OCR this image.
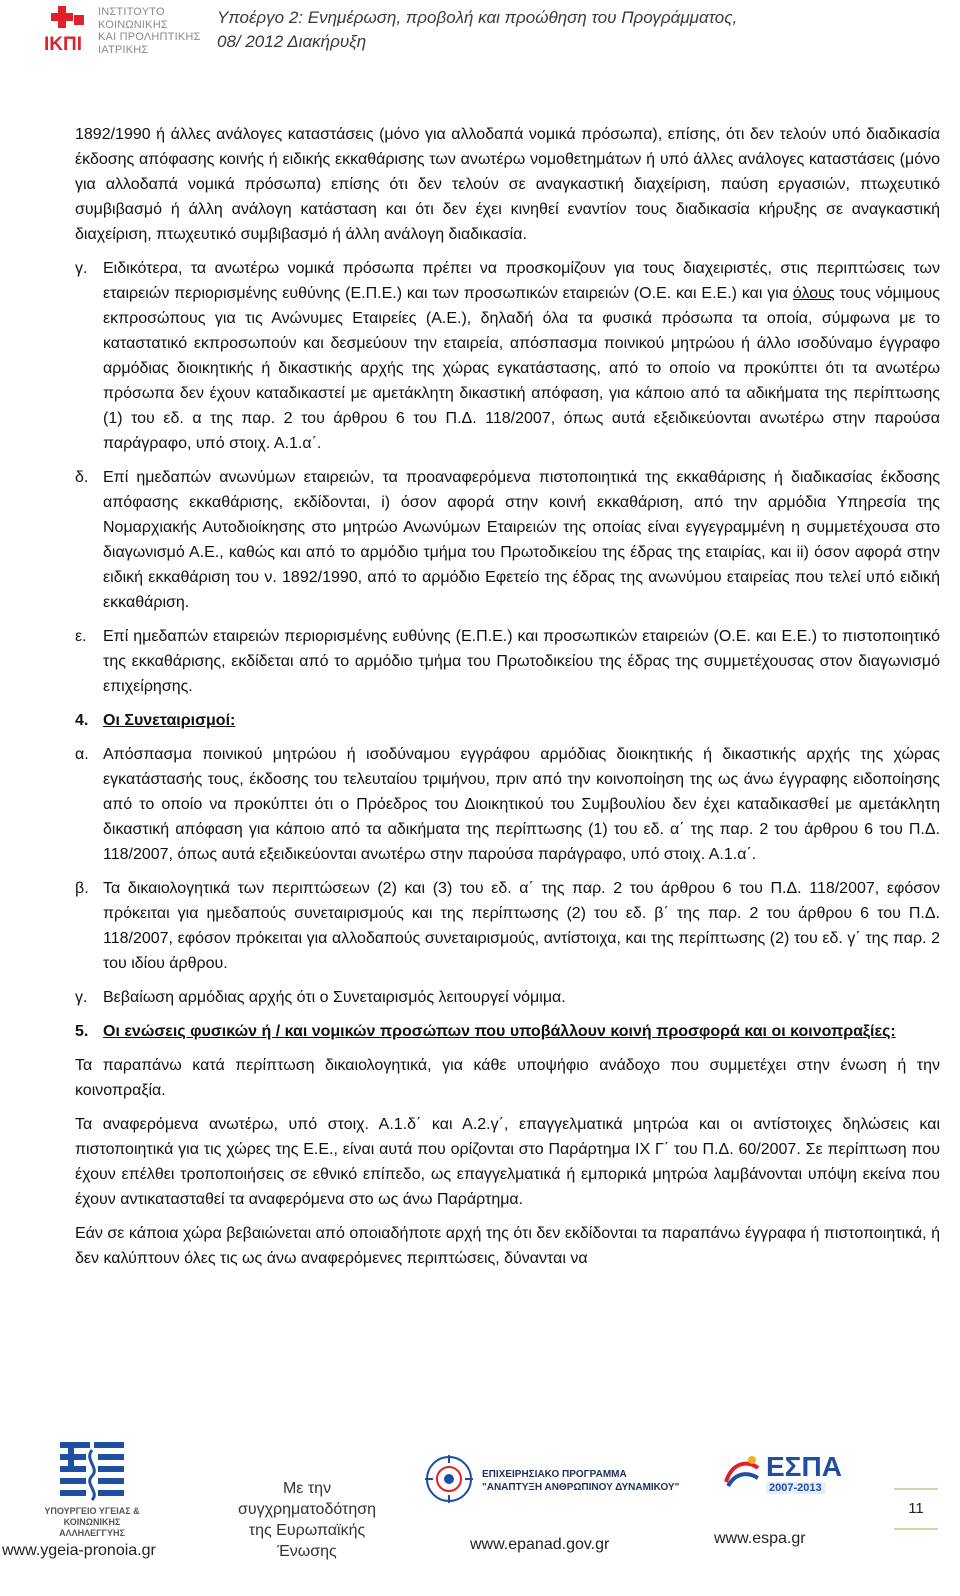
ΙΚΠΙ
ΙΝΣΤΙΤΟΥΤΟ
ΚΟΙΝΩΝΙΚΗΣ
ΚΑΙ ΠΡΟΛΗΠΤΙΚΗΣ
ΙΑΤΡΙΚΗΣ
Υποέργο 2: Ενημέρωση, προβολή και προώθηση του Προγράμματος,
08/ 2012 Διακήρυξη

1892/1990 ή άλλες ανάλογες καταστάσεις (μόνο για αλλοδαπά νομικά πρόσωπα), επίσης, ότι δεν τελούν υπό διαδικασία έκδοσης απόφασης κοινής ή ειδικής εκκαθάρισης των ανωτέρω νομοθετημάτων ή υπό άλλες ανάλογες καταστάσεις (μόνο για αλλοδαπά νομικά πρόσωπα) επίσης ότι δεν τελούν σε αναγκαστική διαχείριση, παύση εργασιών, πτωχευτικό συμβιβασμό ή άλλη ανάλογη κατάσταση και ότι δεν έχει κινηθεί εναντίον τους διαδικασία κήρυξης σε αναγκαστική διαχείριση, πτωχευτικό συμβιβασμό ή άλλη ανάλογη διαδικασία.

γ. Ειδικότερα, τα ανωτέρω νομικά πρόσωπα πρέπει να προσκομίζουν για τους διαχειριστές, στις περιπτώσεις των εταιρειών περιορισμένης ευθύνης (Ε.Π.Ε.) και των προσωπικών εταιρειών (Ο.Ε. και Ε.Ε.) και για όλους τους νόμιμους εκπροσώπους για τις Ανώνυμες Εταιρείες (Α.Ε.), δηλαδή όλα τα φυσικά πρόσωπα τα οποία, σύμφωνα με το καταστατικό εκπροσωπούν και δεσμεύουν την εταιρεία, απόσπασμα ποινικού μητρώου ή άλλο ισοδύναμο έγγραφο αρμόδιας διοικητικής ή δικαστικής αρχής της χώρας εγκατάστασης, από το οποίο να προκύπτει ότι τα ανωτέρω πρόσωπα δεν έχουν καταδικαστεί με αμετάκλητη δικαστική απόφαση, για κάποιο από τα αδικήματα της περίπτωσης (1) του εδ. α της παρ. 2 του άρθρου 6 του Π.Δ. 118/2007, όπως αυτά εξειδικεύονται ανωτέρω στην παρούσα παράγραφο, υπό στοιχ. Α.1.α΄.
δ. Επί ημεδαπών ανωνύμων εταιρειών, τα προαναφερόμενα πιστοποιητικά της εκκαθάρισης ή διαδικασίας έκδοσης απόφασης εκκαθάρισης, εκδίδονται, i) όσον αφορά στην κοινή εκκαθάριση, από την αρμόδια Υπηρεσία της Νομαρχιακής Αυτοδιοίκησης στο μητρώο Ανωνύμων Εταιρειών της οποίας είναι εγγεγραμμένη η συμμετέχουσα στο διαγωνισμό Α.Ε., καθώς και από το αρμόδιο τμήμα του Πρωτοδικείου της έδρας της εταιρίας, και ii) όσον αφορά στην ειδική εκκαθάριση του ν. 1892/1990, από το αρμόδιο Εφετείο της έδρας της ανωνύμου εταιρείας που τελεί υπό ειδική εκκαθάριση.
ε.	Επί ημεδαπών εταιρειών περιορισμένης ευθύνης (Ε.Π.Ε.) και προσωπικών εταιρειών (Ο.Ε. και Ε.Ε.) το πιστοποιητικό της εκκαθάρισης, εκδίδεται από το αρμόδιο τμήμα του Πρωτοδικείου της έδρας της συμμετέχουσας στον διαγωνισμό επιχείρησης.
4. Οι Συνεταιρισμοί:
α. Απόσπασμα ποινικού μητρώου ή ισοδύναμου εγγράφου αρμόδιας διοικητικής ή δικαστικής αρχής της χώρας εγκατάστασής τους, έκδοσης του τελευταίου τριμήνου, πριν από την κοινοποίηση της ως άνω έγγραφης ειδοποίησης από το οποίο να προκύπτει ότι ο Πρόεδρος του Διοικητικού του Συμβουλίου δεν έχει καταδικασθεί με αμετάκλητη δικαστική απόφαση για κάποιο από τα αδικήματα της περίπτωσης (1) του εδ. α΄ της παρ. 2 του άρθρου 6 του Π.Δ. 118/2007, όπως αυτά εξειδικεύονται ανωτέρω στην παρούσα παράγραφο, υπό στοιχ. Α.1.α΄.
β. Τα δικαιολογητικά των περιπτώσεων (2) και (3) του εδ. α΄ της παρ. 2 του άρθρου 6 του Π.Δ. 118/2007, εφόσον πρόκειται για ημεδαπούς συνεταιρισμούς και της περίπτωσης (2) του εδ. β΄ της παρ. 2 του άρθρου 6 του Π.Δ. 118/2007, εφόσον πρόκειται για αλλοδαπούς συνεταιρισμούς, αντίστοιχα, και της περίπτωσης (2) του εδ. γ΄ της παρ. 2 του ιδίου άρθρου.
γ. Βεβαίωση αρμόδιας αρχής ότι ο Συνεταιρισμός λειτουργεί νόμιμα.
5. Οι ενώσεις φυσικών ή / και νομικών προσώπων που υποβάλλουν κοινή προσφορά και οι κοινοπραξίες:

Τα παραπάνω κατά περίπτωση δικαιολογητικά, για κάθε υποψήφιο ανάδοχο που συμμετέχει στην ένωση ή την κοινοπραξία.

Τα αναφερόμενα ανωτέρω, υπό στοιχ. Α.1.δ΄ και Α.2.γ΄, επαγγελματικά μητρώα και οι αντίστοιχες δηλώσεις και πιστοποιητικά για τις χώρες της Ε.Ε., είναι αυτά που ορίζονται στο Παράρτημα ΙΧ Γ΄ του Π.Δ. 60/2007. Σε περίπτωση που έχουν επέλθει τροποποιήσεις σε εθνικό επίπεδο, ως επαγγελματικά ή εμπορικά μητρώα λαμβάνονται υπόψη εκείνα που έχουν αντικατασταθεί τα αναφερόμενα στο ως άνω Παράρτημα.

Εάν σε κάποια χώρα βεβαιώνεται από οποιαδήποτε αρχή της ότι δεν εκδίδονται τα παραπάνω έγγραφα ή πιστοποιητικά, ή δεν καλύπτουν όλες τις ως άνω αναφερόμενες περιπτώσεις, δύνανται να

ΥΠΟΥΡΓΕΙΟ ΥΓΕΙΑΣ &
ΚΟΙΝΩΝΙΚΗΣ ΑΛΛΗΛΕΓΓΥΗΣ
www.ygeia-pronoia.gr
Με την
συγχρηματοδότηση
της Ευρωπαϊκής
Ένωσης
ΕΠΙΧΕΙΡΗΣΙΑΚΟ ΠΡΟΓΡΑΜΜΑ
"ΑΝΑΠΤΥΞΗ ΑΝΘΡΩΠΙΝΟΥ ΔΥΝΑΜΙΚΟΥ"
www.epanad.gov.gr
ΕΣΠΑ
2007-2013
www.espa.gr
11
